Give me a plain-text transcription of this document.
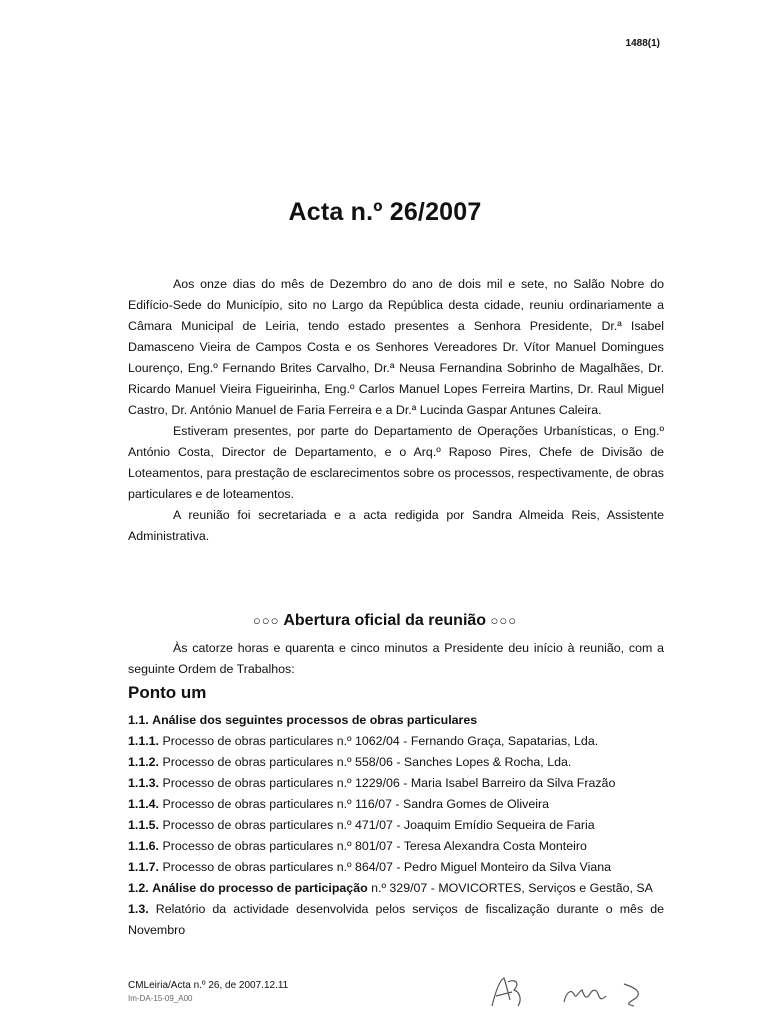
1488(1)
Acta n.º 26/2007

Aos onze dias do mês de Dezembro do ano de dois mil e sete, no Salão Nobre do Edifício-Sede do Município, sito no Largo da República desta cidade, reuniu ordinariamente a Câmara Municipal de Leiria, tendo estado presentes a Senhora Presidente, Dr.ª Isabel Damasceno Vieira de Campos Costa e os Senhores Vereadores Dr. Vítor Manuel Domingues Lourenço, Eng.º Fernando Brites Carvalho, Dr.ª Neusa Fernandina Sobrinho de Magalhães, Dr. Ricardo Manuel Vieira Figueirinha, Eng.º Carlos Manuel Lopes Ferreira Martins, Dr. Raul Miguel Castro, Dr. António Manuel de Faria Ferreira e a Dr.ª Lucinda Gaspar Antunes Caleira.

Estiveram presentes, por parte do Departamento de Operações Urbanísticas, o Eng.º António Costa, Director de Departamento, e o Arq.º Raposo Pires, Chefe de Divisão de Loteamentos, para prestação de esclarecimentos sobre os processos, respectivamente, de obras particulares e de loteamentos.

A reunião foi secretariada e a acta redigida por Sandra Almeida Reis, Assistente Administrativa.

○○○ Abertura oficial da reunião ○○○

Às catorze horas e quarenta e cinco minutos a Presidente deu início à reunião, com a seguinte Ordem de Trabalhos:

Ponto um
1.1. Análise dos seguintes processos de obras particulares
1.1.1. Processo de obras particulares n.º 1062/04 - Fernando Graça, Sapatarias, Lda.
1.1.2. Processo de obras particulares n.º 558/06 - Sanches Lopes & Rocha, Lda.
1.1.3. Processo de obras particulares n.º 1229/06 - Maria Isabel Barreiro da Silva Frazão
1.1.4. Processo de obras particulares n.º 116/07 - Sandra Gomes de Oliveira
1.1.5. Processo de obras particulares n.º 471/07 - Joaquim Emídio Sequeira de Faria
1.1.6. Processo de obras particulares n.º 801/07 - Teresa Alexandra Costa Monteiro
1.1.7. Processo de obras particulares n.º 864/07 - Pedro Miguel Monteiro da Silva Viana
1.2. Análise do processo de participação n.º 329/07 - MOVICORTES, Serviços e Gestão, SA
1.3. Relatório da actividade desenvolvida pelos serviços de fiscalização durante o mês de Novembro
CMLeiria/Acta n.º 26, de 2007.12.11
Im-DA-15-09_A00
